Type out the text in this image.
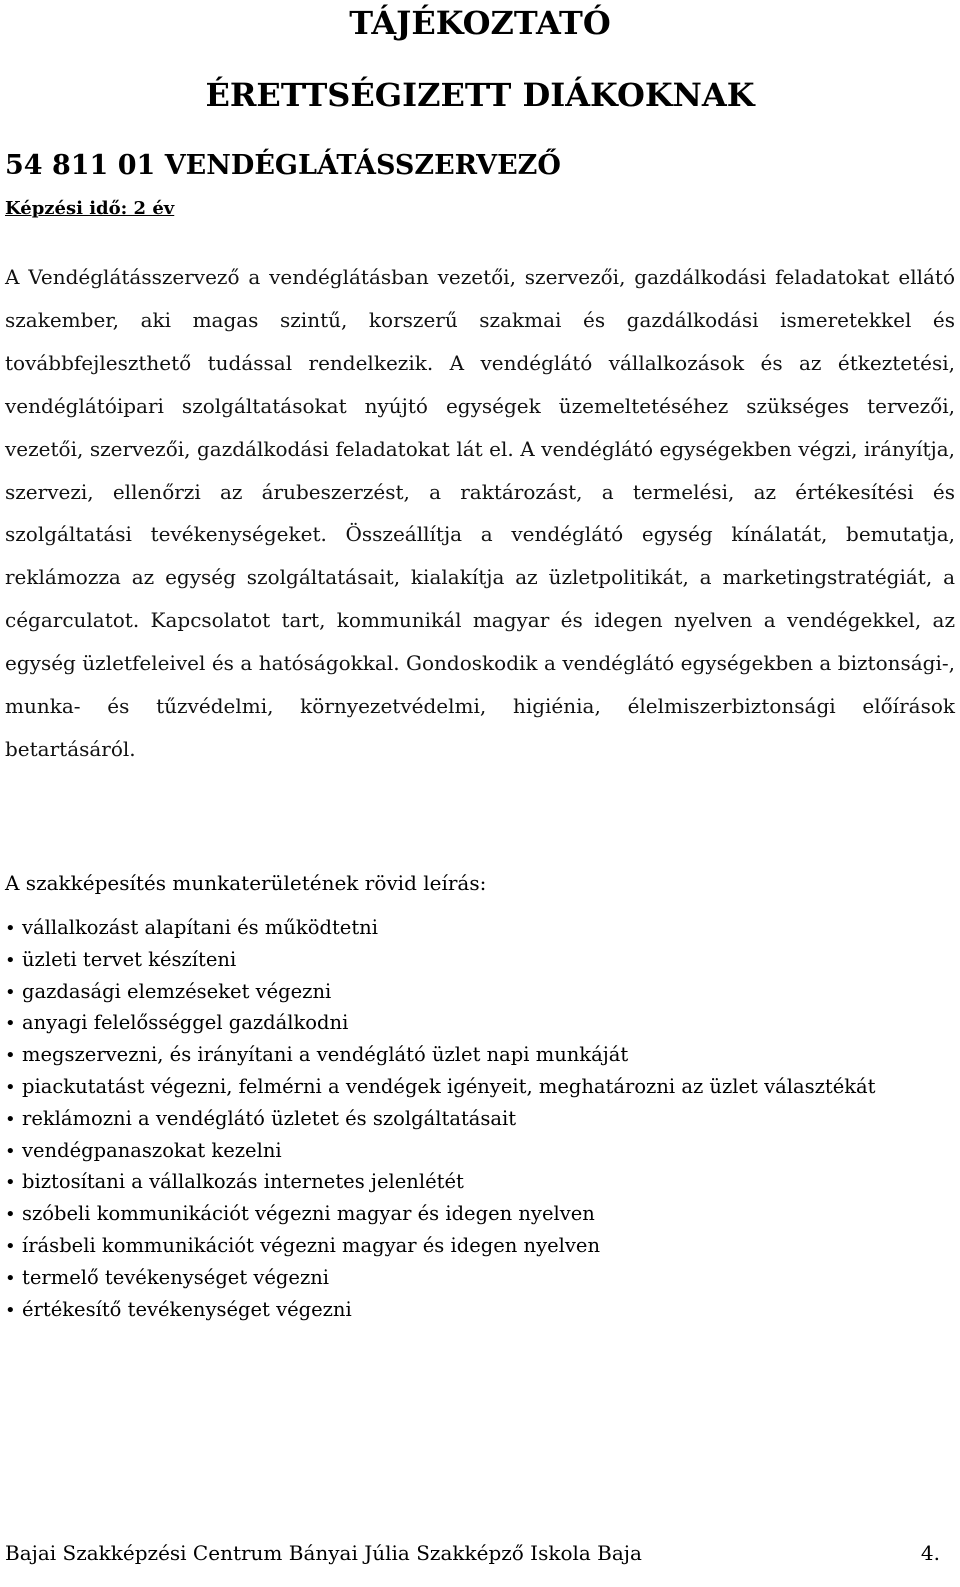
TÁJÉKOZTATÓ
ÉRETTSÉGIZETT DIÁKOKNAK
54 811 01 VENDÉGLÁTÁSSZERVEZŐ
Képzési idő: 2 év

A Vendéglátásszervező a vendéglátásban vezetői, szervezői, gazdálkodási feladatokat ellátó szakember, aki magas szintű, korszerű szakmai és gazdálkodási ismeretekkel és továbbfejleszthető tudással rendelkezik. A vendéglátó vállalkozások és az étkeztetési, vendéglátóipari szolgáltatásokat nyújtó egységek üzemeltetéséhez szükséges tervezői, vezetői, szervezői, gazdálkodási feladatokat lát el. A vendéglátó egységekben végzi, irányítja, szervezi, ellenőrzi az árubeszerzést, a raktározást, a termelési, az értékesítési és szolgáltatási tevékenységeket. Összeállítja a vendéglátó egység kínálatát, bemutatja, reklámozza az egység szolgáltatásait, kialakítja az üzletpolitikát, a marketingstratégiát, a cégarculatot. Kapcsolatot tart, kommunikál magyar és idegen nyelven a vendégekkel, az egység üzletfeleivel és a hatóságokkal. Gondoskodik a vendéglátó egységekben a biztonsági-, munka- és tűzvédelmi, környezetvédelmi, higiénia, élelmiszerbiztonsági előírások betartásáról.

A szakképesítés munkaterületének rövid leírás:
• vállalkozást alapítani és működtetni
• üzleti tervet készíteni
• gazdasági elemzéseket végezni
• anyagi felelősséggel gazdálkodni
• megszervezni, és irányítani a vendéglátó üzlet napi munkáját
• piackutatást végezni, felmérni a vendégek igényeit, meghatározni az üzlet választékát
• reklámozni a vendéglátó üzletet és szolgáltatásait
• vendégpanaszokat kezelni
• biztosítani a vállalkozás internetes jelenlétét
• szóbeli kommunikációt végezni magyar és idegen nyelven
• írásbeli kommunikációt végezni magyar és idegen nyelven
• termelő tevékenységet végezni
• értékesítő tevékenységet végezni
Bajai Szakképzési Centrum Bányai Júlia Szakképző Iskola Baja	4.
